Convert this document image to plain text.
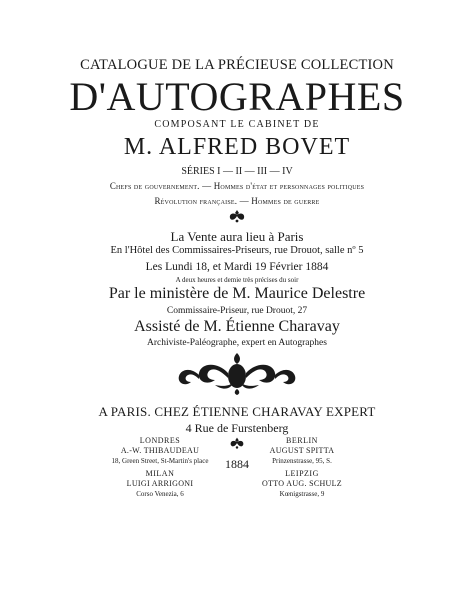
CATALOGUE DE LA PRÉCIEUSE COLLECTION
D'AUTOGRAPHES
COMPOSANT LE CABINET DE
M. ALFRED BOVET
SÉRIES I — II — III — IV
Chefs de gouvernement. — Hommes d'état et personnages politiques
Révolution française. — Hommes de guerre
La Vente aura lieu à Paris
En l'Hôtel des Commissaires-Priseurs, rue Drouot, salle nº 5
Les Lundi 18, et Mardi 19 Février 1884
A deux heures et demie très précises du soir
Par le ministère de M. Maurice Delestre
Commissaire-Priseur, rue Drouot, 27
Assisté de M. Étienne Charavay
Archiviste-Paléographe, expert en Autographes
A PARIS. CHEZ ÉTIENNE CHARAVAY EXPERT
4 Rue de Furstenberg
LONDRES
A.-W. THIBAUDEAU
18, Green Street, St-Martin's place
BERLIN
AUGUST SPITTA
Prinzenstrasse, 95, S.
1884
MILAN
LUIGI ARRIGONI
Corso Venezia, 6
LEIPZIG
OTTO AUG. SCHULZ
Kœnigstrasse, 9
